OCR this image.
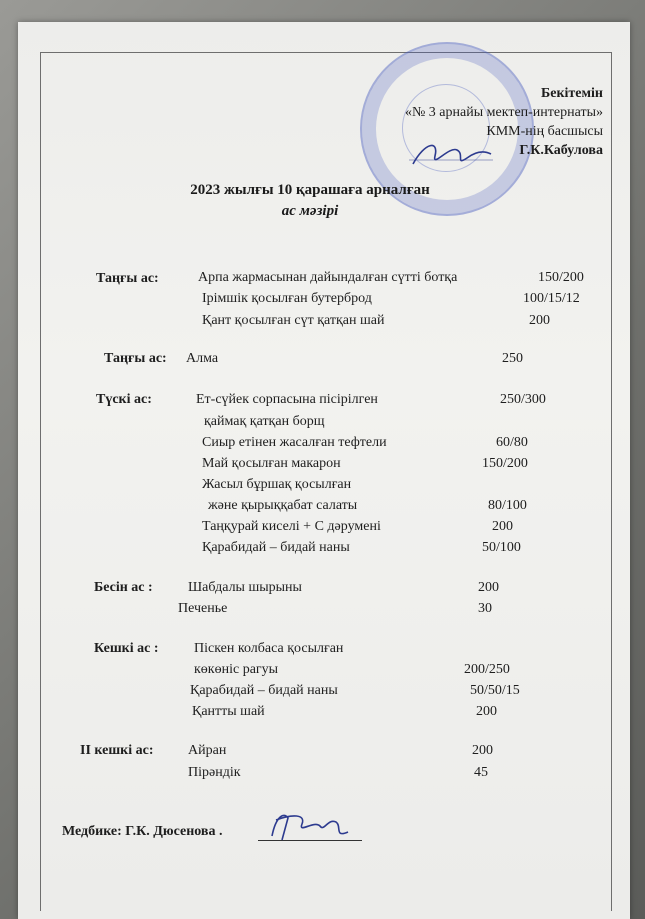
Бекітемін
«№ 3 арнайы мектеп-интернаты»
КММ-нің басшысы
Г.К.Кабулова
2023 жылғы 10 қарашаға арналған
ас мәзірі
Таңғы ас:	Арпа жармасынан дайындалған сүтті ботқа	150/200
Ірімшік қосылған бутерброд	100/15/12
Қант қосылған сүт қатқан шай	200
Таңғы ас: Алма	250
Түскі ас:	Ет-сүйек сорпасына пісірілген	250/300
қаймақ қатқан борщ
Сиыр етінен жасалған тефтели	60/80
Май қосылған макарон	150/200
Жасыл бұршақ қосылған
және қырыққабат салаты	80/100
Таңқурай киселі + С дәрумені	200
Қарабидай – бидай наны	50/100
Бесін ас :	Шабдалы шырыны	200
Печенье	30
Кешкі ас :	Піскен колбаса қосылған
көкөніс рагуы	200/250
Қарабидай – бидай наны	50/50/15
Қантты шай	200
ІІ кешкі ас: Айран	200
Пірәндік	45
Медбике: Г.К. Дюсенова .
